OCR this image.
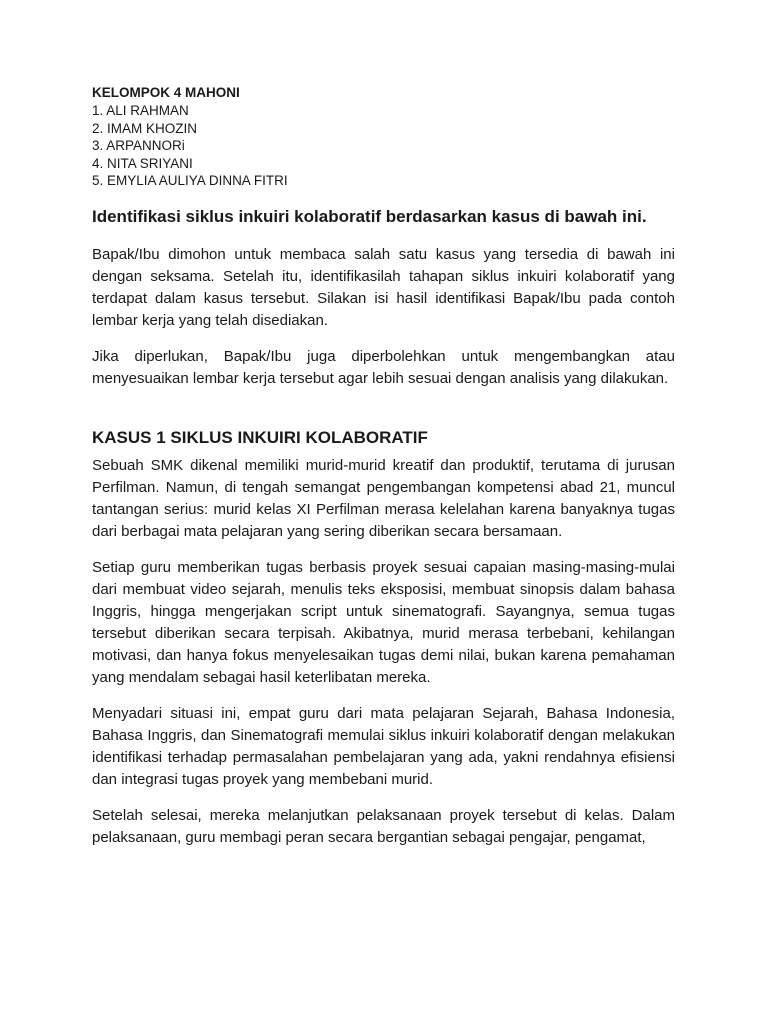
KELOMPOK 4 MAHONI

1. ALI RAHMAN
2. IMAM KHOZIN
3. ARPANNORi
4. NITA SRIYANI
5. EMYLIA AULIYA DINNA FITRI
Identifikasi siklus inkuiri kolaboratif berdasarkan kasus di bawah ini.

Bapak/Ibu dimohon untuk membaca salah satu kasus yang tersedia di bawah ini dengan seksama. Setelah itu, identifikasilah tahapan siklus inkuiri kolaboratif yang terdapat dalam kasus tersebut. Silakan isi hasil identifikasi Bapak/Ibu pada contoh lembar kerja yang telah disediakan.

Jika diperlukan, Bapak/Ibu juga diperbolehkan untuk mengembangkan atau menyesuaikan lembar kerja tersebut agar lebih sesuai dengan analisis yang dilakukan.

KASUS 1 SIKLUS INKUIRI KOLABORATIF

Sebuah SMK dikenal memiliki murid-murid kreatif dan produktif, terutama di jurusan Perfilman. Namun, di tengah semangat pengembangan kompetensi abad 21, muncul tantangan serius: murid kelas XI Perfilman merasa kelelahan karena banyaknya tugas dari berbagai mata pelajaran yang sering diberikan secara bersamaan.

Setiap guru memberikan tugas berbasis proyek sesuai capaian masing-masing-mulai dari membuat video sejarah, menulis teks eksposisi, membuat sinopsis dalam bahasa Inggris, hingga mengerjakan script untuk sinematografi. Sayangnya, semua tugas tersebut diberikan secara terpisah. Akibatnya, murid merasa terbebani, kehilangan motivasi, dan hanya fokus menyelesaikan tugas demi nilai, bukan karena pemahaman yang mendalam sebagai hasil keterlibatan mereka.

Menyadari situasi ini, empat guru dari mata pelajaran Sejarah, Bahasa Indonesia, Bahasa Inggris, dan Sinematografi memulai siklus inkuiri kolaboratif dengan melakukan identifikasi terhadap permasalahan pembelajaran yang ada, yakni rendahnya efisiensi dan integrasi tugas proyek yang membebani murid.

Setelah selesai, mereka melanjutkan pelaksanaan proyek tersebut di kelas. Dalam pelaksanaan, guru membagi peran secara bergantian sebagai pengajar, pengamat,
